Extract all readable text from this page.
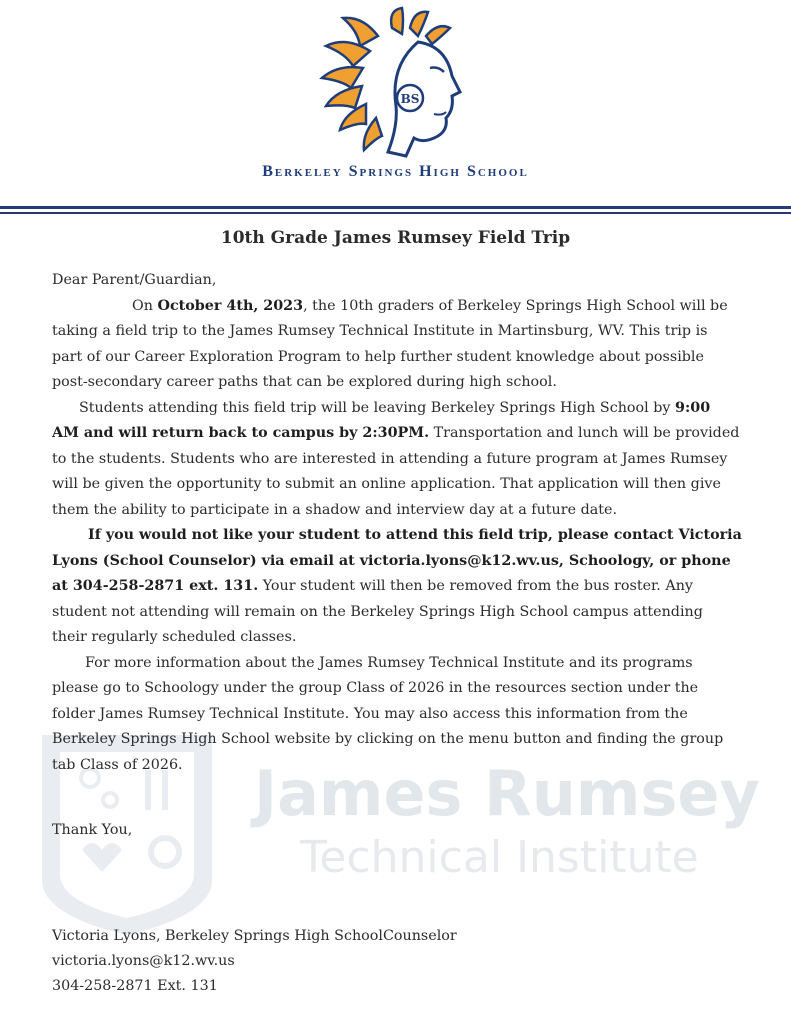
James Rumsey
Technical Institute
BS
Berkeley Springs High School
10th Grade James Rumsey Field Trip

Dear Parent/Guardian,

On October 4th, 2023, the 10th graders of Berkeley Springs High School will be taking a field trip to the James Rumsey Technical Institute in Martinsburg, WV. This trip is part of our Career Exploration Program to help further student knowledge about possible post-secondary career paths that can be explored during high school.

Students attending this field trip will be leaving Berkeley Springs High School by 9:00 AM and will return back to campus by 2:30PM. Transportation and lunch will be provided to the students. Students who are interested in attending a future program at James Rumsey will be given the opportunity to submit an online application. That application will then give them the ability to participate in a shadow and interview day at a future date.

If you would not like your student to attend this field trip, please contact Victoria Lyons (School Counselor) via email at victoria.lyons@k12.wv.us, Schoology, or phone at 304-258-2871 ext. 131. Your student will then be removed from the bus roster. Any student not attending will remain on the Berkeley Springs High School campus attending their regularly scheduled classes.

For more information about the James Rumsey Technical Institute and its programs please go to Schoology under the group Class of 2026 in the resources section under the folder James Rumsey Technical Institute. You may also access this information from the Berkeley Springs High School website by clicking on the menu button and finding the group tab Class of 2026.

Thank You,
Victoria Lyons, Berkeley Springs High SchoolCounselor
victoria.lyons@k12.wv.us
304-258-2871 Ext. 131
